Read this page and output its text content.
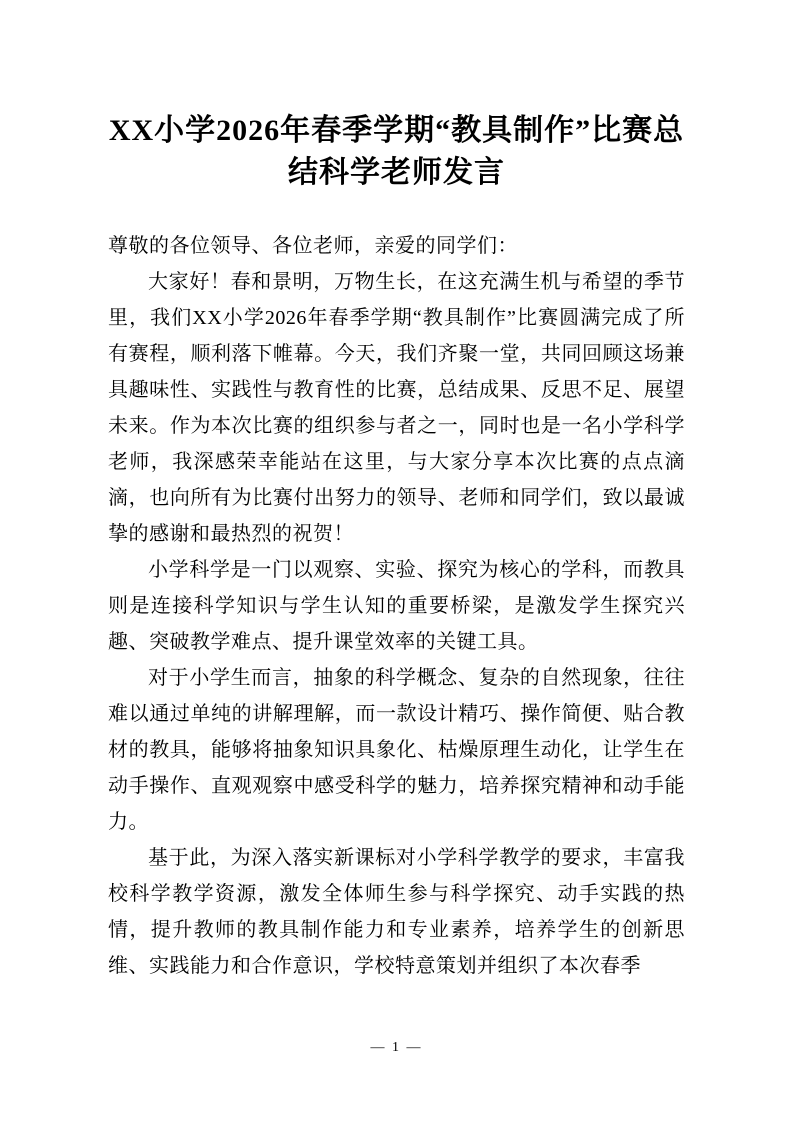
XX小学2026年春季学期“教具制作”比赛总结科学老师发言

尊敬的各位领导、各位老师，亲爱的同学们：

大家好！春和景明，万物生长，在这充满生机与希望的季节里，我们XX小学2026年春季学期“教具制作”比赛圆满完成了所有赛程，顺利落下帷幕。今天，我们齐聚一堂，共同回顾这场兼具趣味性、实践性与教育性的比赛，总结成果、反思不足、展望未来。作为本次比赛的组织参与者之一，同时也是一名小学科学老师，我深感荣幸能站在这里，与大家分享本次比赛的点点滴滴，也向所有为比赛付出努力的领导、老师和同学们，致以最诚挚的感谢和最热烈的祝贺！

小学科学是一门以观察、实验、探究为核心的学科，而教具则是连接科学知识与学生认知的重要桥梁，是激发学生探究兴趣、突破教学难点、提升课堂效率的关键工具。

对于小学生而言，抽象的科学概念、复杂的自然现象，往往难以通过单纯的讲解理解，而一款设计精巧、操作简便、贴合教材的教具，能够将抽象知识具象化、枯燥原理生动化，让学生在动手操作、直观观察中感受科学的魅力，培养探究精神和动手能力。

基于此，为深入落实新课标对小学科学教学的要求，丰富我校科学教学资源，激发全体师生参与科学探究、动手实践的热情，提升教师的教具制作能力和专业素养，培养学生的创新思维、实践能力和合作意识，学校特意策划并组织了本次春季

— 1 —
